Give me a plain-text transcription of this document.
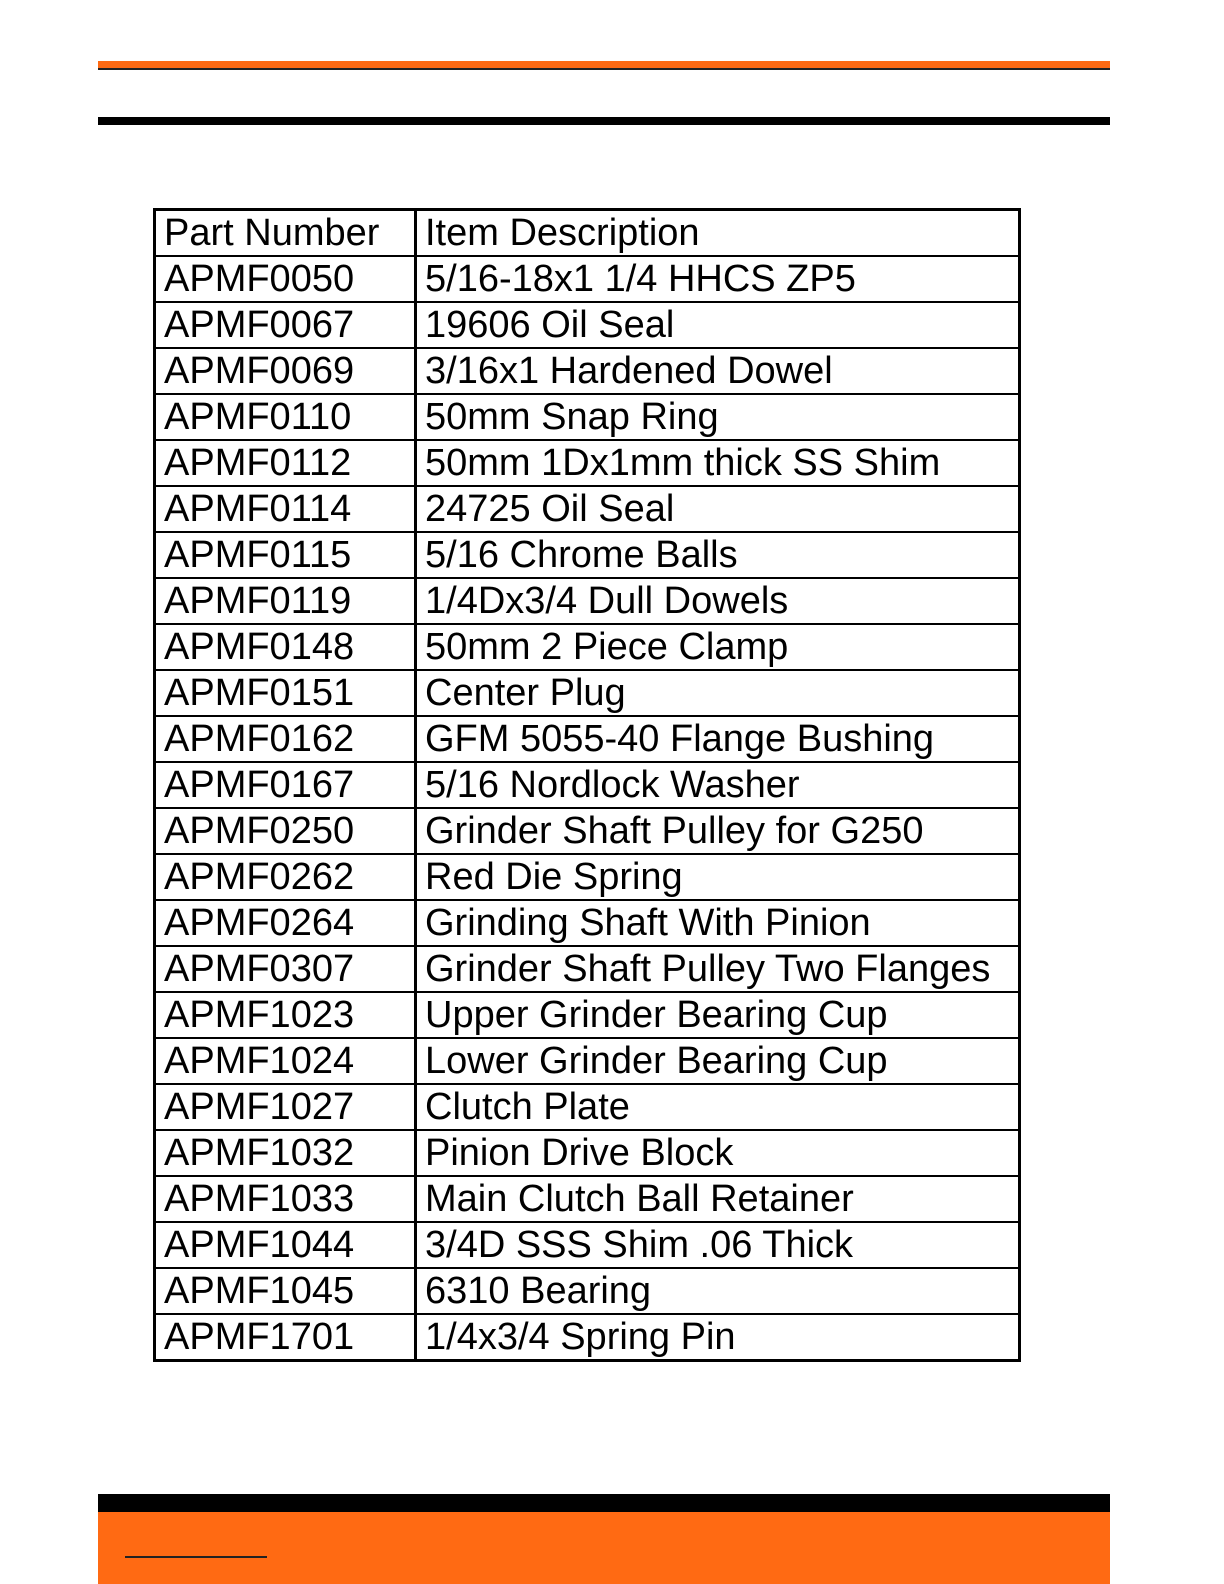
Part Number	Item Description
APMF0050	5/16-18x1 1/4 HHCS ZP5
APMF0067	19606 Oil Seal
APMF0069	3/16x1 Hardened Dowel
APMF0110	50mm Snap Ring
APMF0112	50mm 1Dx1mm thick SS Shim
APMF0114	24725 Oil Seal
APMF0115	5/16 Chrome Balls
APMF0119	1/4Dx3/4 Dull Dowels
APMF0148	50mm 2 Piece Clamp
APMF0151	Center Plug
APMF0162	GFM 5055-40 Flange Bushing
APMF0167	5/16 Nordlock Washer
APMF0250	Grinder Shaft Pulley for G250
APMF0262	Red Die Spring
APMF0264	Grinding Shaft With Pinion
APMF0307	Grinder Shaft Pulley Two Flanges
APMF1023	Upper Grinder Bearing Cup
APMF1024	Lower Grinder Bearing Cup
APMF1027	Clutch Plate
APMF1032	Pinion Drive Block
APMF1033	Main Clutch Ball Retainer
APMF1044	3/4D SSS Shim .06 Thick
APMF1045	6310 Bearing
APMF1701	1/4x3/4 Spring Pin
